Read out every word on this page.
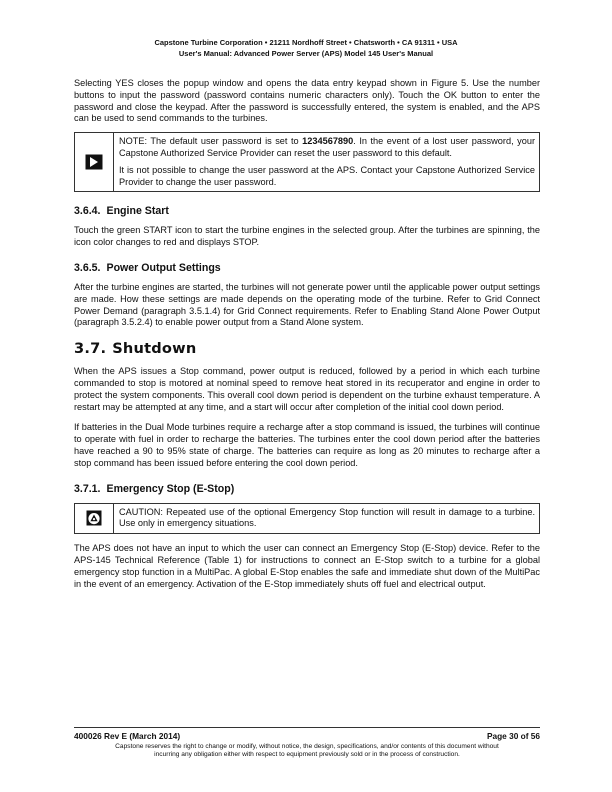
Capstone Turbine Corporation • 21211 Nordhoff Street • Chatsworth • CA 91311 • USA
User's Manual: Advanced Power Server (APS) Model 145 User's Manual

Selecting YES closes the popup window and opens the data entry keypad shown in Figure 5. Use the number buttons to input the password (password contains numeric characters only). Touch the OK button to enter the password and close the keypad. After the password is successfully entered, the system is enabled, and the APS can be used to send commands to the turbines.

NOTE: The default user password is set to 1234567890. In the event of a lost user password, your Capstone Authorized Service Provider can reset the user password to this default.

It is not possible to change the user password at the APS. Contact your Capstone Authorized Service Provider to change the user password.

3.6.4. Engine Start

Touch the green START icon to start the turbine engines in the selected group. After the turbines are spinning, the icon color changes to red and displays STOP.

3.6.5. Power Output Settings

After the turbine engines are started, the turbines will not generate power until the applicable power output settings are made. How these settings are made depends on the operating mode of the turbine. Refer to Grid Connect Power Demand (paragraph 3.5.1.4) for Grid Connect requirements. Refer to Enabling Stand Alone Power Output (paragraph 3.5.2.4) to enable power output from a Stand Alone system.

3.7. Shutdown

When the APS issues a Stop command, power output is reduced, followed by a period in which each turbine commanded to stop is motored at nominal speed to remove heat stored in its recuperator and engine in order to protect the system components. This overall cool down period is dependent on the turbine exhaust temperature. A restart may be attempted at any time, and a start will occur after completion of the initial cool down period.

If batteries in the Dual Mode turbines require a recharge after a stop command is issued, the turbines will continue to operate with fuel in order to recharge the batteries. The turbines enter the cool down period after the batteries have reached a 90 to 95% state of charge. The batteries can require as long as 20 minutes to recharge after a stop command has been issued before entering the cool down period.

3.7.1. Emergency Stop (E-Stop)

CAUTION: Repeated use of the optional Emergency Stop function will result in damage to a turbine. Use only in emergency situations.

The APS does not have an input to which the user can connect an Emergency Stop (E-Stop) device. Refer to the APS-145 Technical Reference (Table 1) for instructions to connect an E-Stop switch to a turbine for a global emergency stop function in a MultiPac. A global E-Stop enables the safe and immediate shut down of the MultiPac in the event of an emergency. Activation of the E-Stop immediately shuts off fuel and electrical output.

400026 Rev E (March 2014)	Page 30 of 56
Capstone reserves the right to change or modify, without notice, the design, specifications, and/or contents of this document without
incurring any obligation either with respect to equipment previously sold or in the process of construction.
